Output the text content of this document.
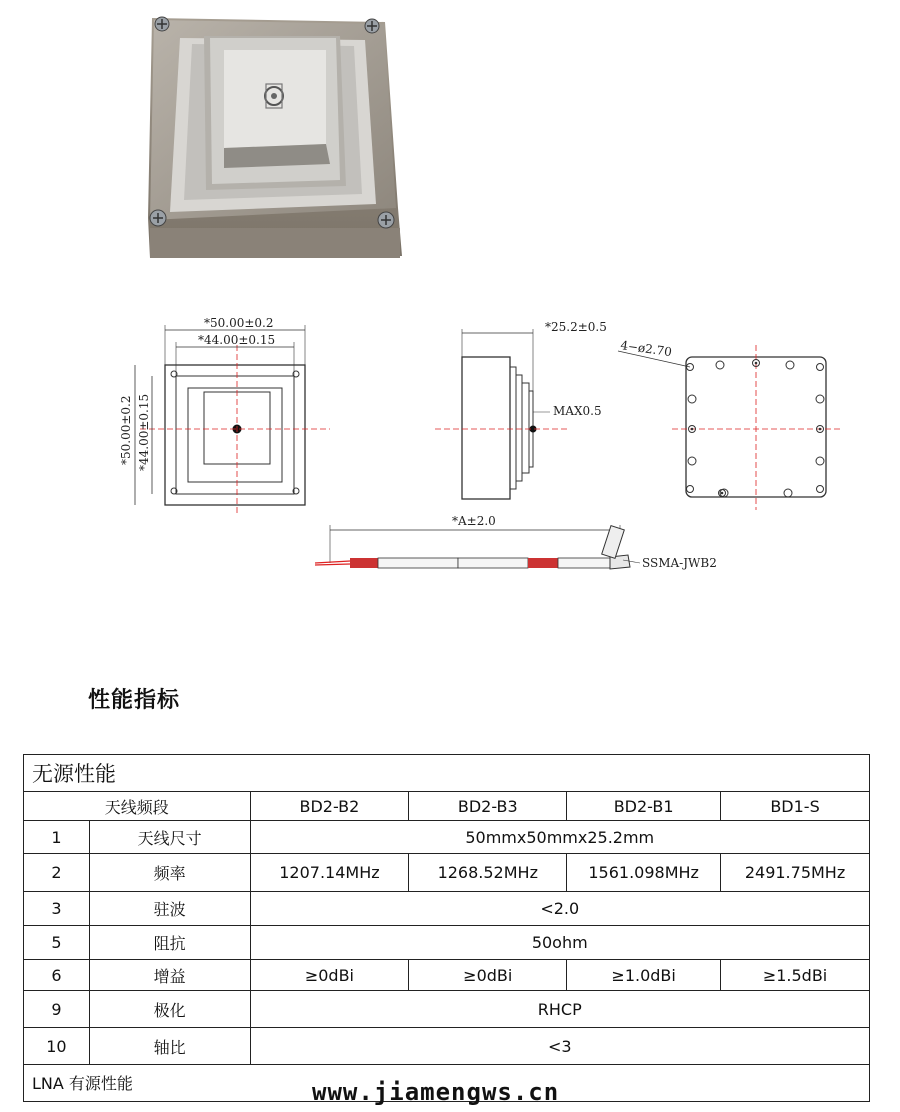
*50.00±0.2
*44.00±0.15
*50.00±0.2 *44.00±0.15
*25.2±0.5
MAX0.5
4−ø2.70
*A±2.0
SSMA-JWB2
性能指标
无源性能					
天线频段		BD2-B2	BD2-B3	BD2-B1	BD1-S
1	天线尺寸	50mmx50mmx25.2mm			
2	频率	1207.14MHz	1268.52MHz	1561.098MHz	2491.75MHz
3	驻波	<2.0			
5	阻抗	50ohm			
6	增益	≥0dBi	≥0dBi	≥1.0dBi	≥1.5dBi
9	极化	RHCP			
10	轴比	<3			
LNA 有源性能						www.jiamengws.cn
